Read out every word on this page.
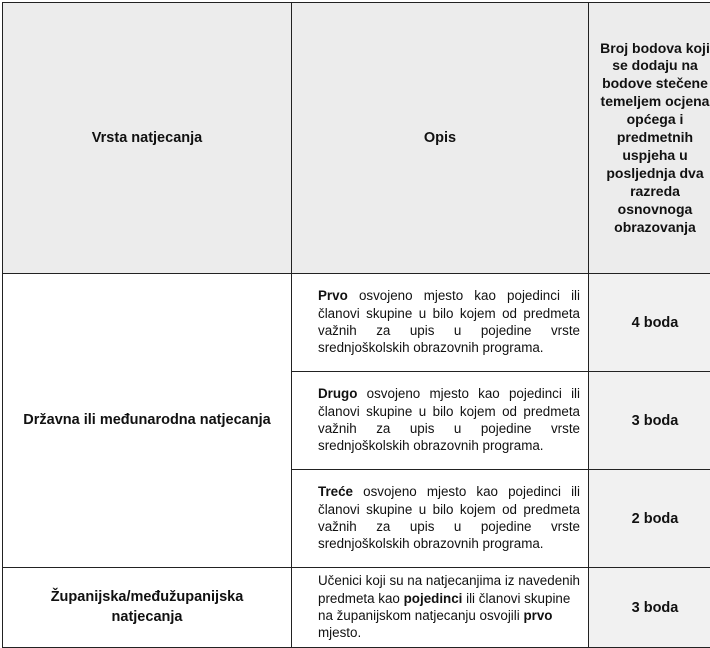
Vrsta natjecanja	Opis	Broj bodova koji se dodaju na bodove stečene temeljem ocjena općega i predmetnih uspjeha u posljednja dva razreda osnovnoga obrazovanja
Državna ili međunarodna natjecanja	Prvo osvojeno mjesto kao pojedinci ili članovi skupine u bilo kojem od predmeta važnih za upis u pojedine vrste srednjoškolskih obrazovnih programa.	4 boda
	Drugo osvojeno mjesto kao pojedinci ili članovi skupine u bilo kojem od predmeta važnih za upis u pojedine vrste srednjoškolskih obrazovnih programa.	3 boda
	Treće osvojeno mjesto kao pojedinci ili članovi skupine u bilo kojem od predmeta važnih za upis u pojedine vrste srednjoškolskih obrazovnih programa.	2 boda
Županijska/međužupanijska natjecanja	Učenici koji su na natjecanjima iz navedenih predmeta kao pojedinci ili članovi skupine na županijskom natjecanju osvojili prvo mjesto.	3 boda
